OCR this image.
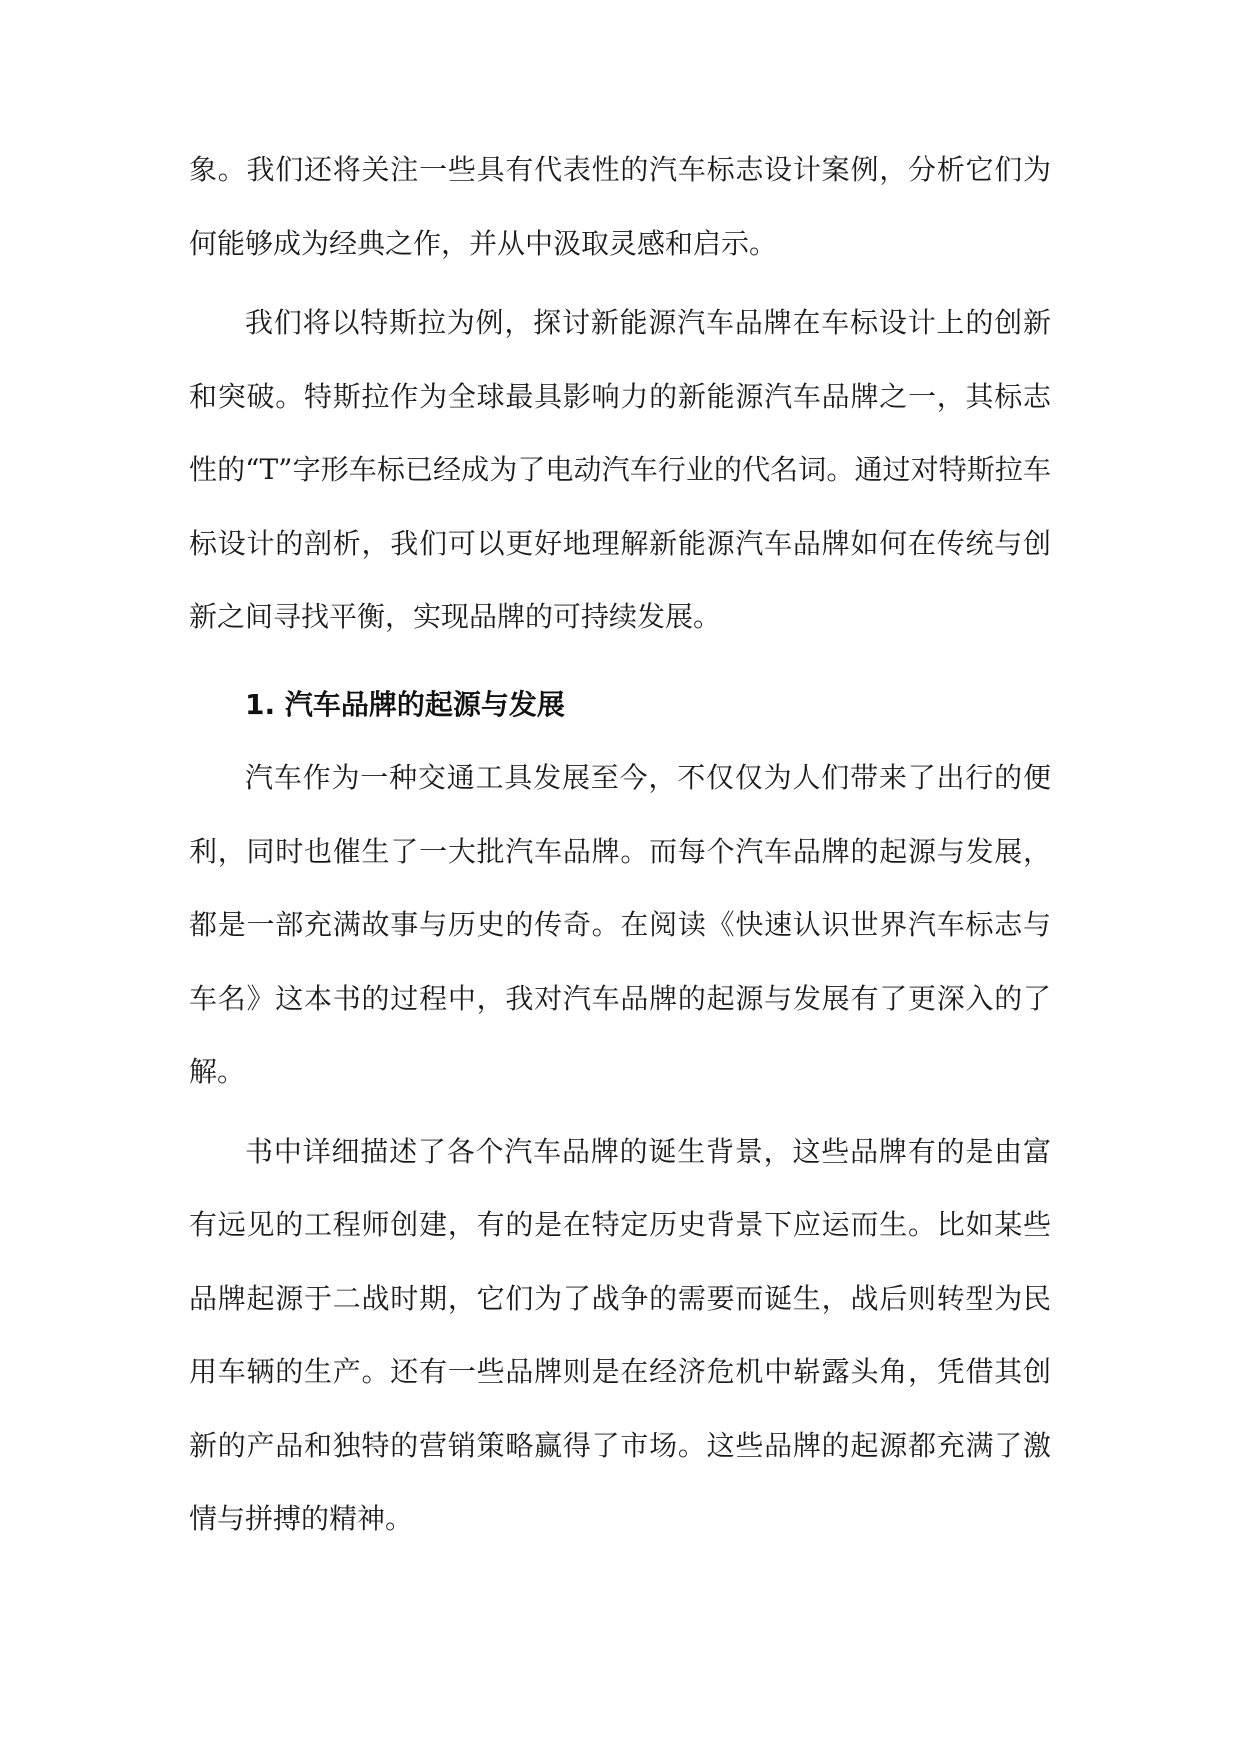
象。我们还将关注一些具有代表性的汽车标志设计案例，分析它们为何能够成为经典之作，并从中汲取灵感和启示。

我们将以特斯拉为例，探讨新能源汽车品牌在车标设计上的创新和突破。特斯拉作为全球最具影响力的新能源汽车品牌之一，其标志性的“T”字形车标已经成为了电动汽车行业的代名词。通过对特斯拉车标设计的剖析，我们可以更好地理解新能源汽车品牌如何在传统与创新之间寻找平衡，实现品牌的可持续发展。

1. 汽车品牌的起源与发展

汽车作为一种交通工具发展至今，不仅仅为人们带来了出行的便利，同时也催生了一大批汽车品牌。而每个汽车品牌的起源与发展，都是一部充满故事与历史的传奇。在阅读《快速认识世界汽车标志与车名》这本书的过程中，我对汽车品牌的起源与发展有了更深入的了解。

书中详细描述了各个汽车品牌的诞生背景，这些品牌有的是由富有远见的工程师创建，有的是在特定历史背景下应运而生。比如某些品牌起源于二战时期，它们为了战争的需要而诞生，战后则转型为民用车辆的生产。还有一些品牌则是在经济危机中崭露头角，凭借其创新的产品和独特的营销策略赢得了市场。这些品牌的起源都充满了激情与拼搏的精神。
